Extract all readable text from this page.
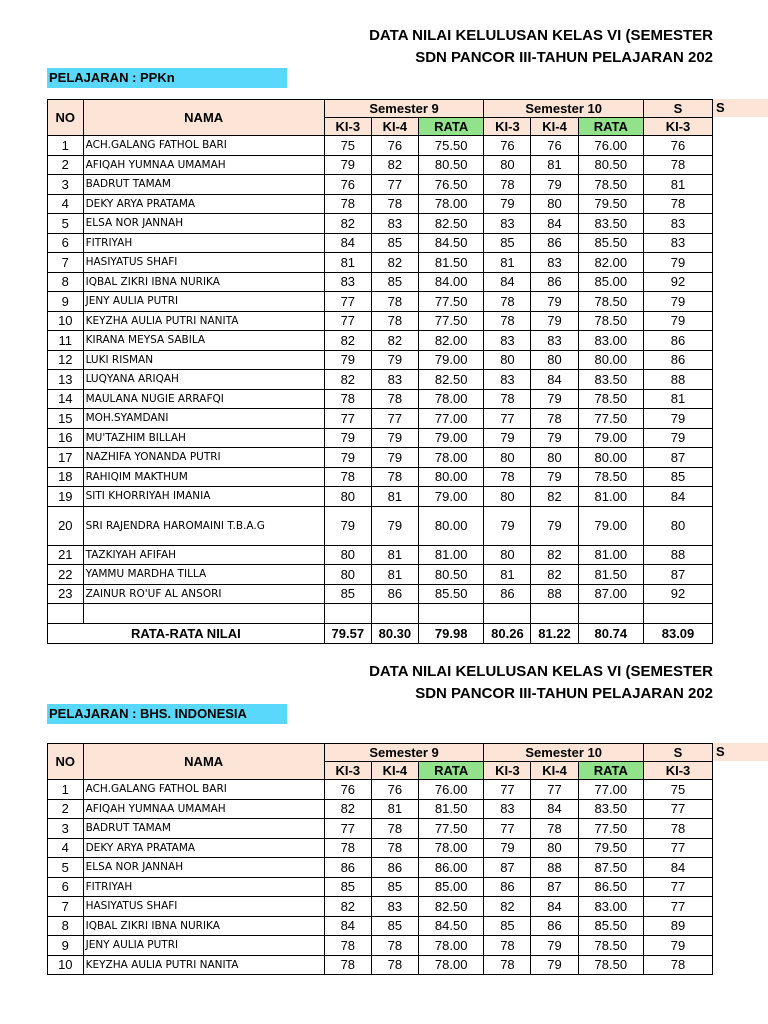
DATA NILAI KELULUSAN KELAS VI (SEMESTER
SDN PANCOR III-TAHUN PELAJARAN 202
PELAJARAN : PPKn
S
NO	NAMA	Semester 9			Semester 10			S
		KI-3	KI-4	RATA	KI-3	KI-4	RATA	KI-3
1	ACH.GALANG FATHOL BARI	75	76	75.50	76	76	76.00	76
2	AFIQAH YUMNAA UMAMAH	79	82	80.50	80	81	80.50	78
3	BADRUT TAMAM	76	77	76.50	78	79	78.50	81
4	DEKY ARYA PRATAMA	78	78	78.00	79	80	79.50	78
5	ELSA NOR JANNAH	82	83	82.50	83	84	83.50	83
6	FITRIYAH	84	85	84.50	85	86	85.50	83
7	HASIYATUS SHAFI	81	82	81.50	81	83	82.00	79
8	IQBAL ZIKRI IBNA NURIKA	83	85	84.00	84	86	85.00	92
9	JENY AULIA PUTRI	77	78	77.50	78	79	78.50	79
10	KEYZHA AULIA PUTRI NANITA	77	78	77.50	78	79	78.50	79
11	KIRANA MEYSA SABILA	82	82	82.00	83	83	83.00	86
12	LUKI RISMAN	79	79	79.00	80	80	80.00	86
13	LUQYANA ARIQAH	82	83	82.50	83	84	83.50	88
14	MAULANA NUGIE ARRAFQI	78	78	78.00	78	79	78.50	81
15	MOH.SYAMDANI	77	77	77.00	77	78	77.50	79
16	MU'TAZHIM BILLAH	79	79	79.00	79	79	79.00	79
17	NAZHIFA YONANDA PUTRI	79	79	78.00	80	80	80.00	87
18	RAHIQIM MAKTHUM	78	78	80.00	78	79	78.50	85
19	SITI KHORRIYAH IMANIA	80	81	79.00	80	82	81.00	84
20	SRI RAJENDRA HAROMAINI T.B.A.G	79	79	80.00	79	79	79.00	80
21	TAZKIYAH AFIFAH	80	81	81.00	80	82	81.00	88
22	YAMMU MARDHA TILLA	80	81	80.50	81	82	81.50	87
23	ZAINUR RO'UF AL ANSORI	85	86	85.50	86	88	87.00	92

RATA-RATA NILAI		79.57	80.30	79.98	80.26	81.22	80.74	83.09
DATA NILAI KELULUSAN KELAS VI (SEMESTER
SDN PANCOR III-TAHUN PELAJARAN 202
PELAJARAN : BHS. INDONESIA
S
NO	NAMA	Semester 9			Semester 10			S
		KI-3	KI-4	RATA	KI-3	KI-4	RATA	KI-3
1	ACH.GALANG FATHOL BARI	76	76	76.00	77	77	77.00	75
2	AFIQAH YUMNAA UMAMAH	82	81	81.50	83	84	83.50	77
3	BADRUT TAMAM	77	78	77.50	77	78	77.50	78
4	DEKY ARYA PRATAMA	78	78	78.00	79	80	79.50	77
5	ELSA NOR JANNAH	86	86	86.00	87	88	87.50	84
6	FITRIYAH	85	85	85.00	86	87	86.50	77
7	HASIYATUS SHAFI	82	83	82.50	82	84	83.00	77
8	IQBAL ZIKRI IBNA NURIKA	84	85	84.50	85	86	85.50	89
9	JENY AULIA PUTRI	78	78	78.00	78	79	78.50	79
10	KEYZHA AULIA PUTRI NANITA	78	78	78.00	78	79	78.50	78
